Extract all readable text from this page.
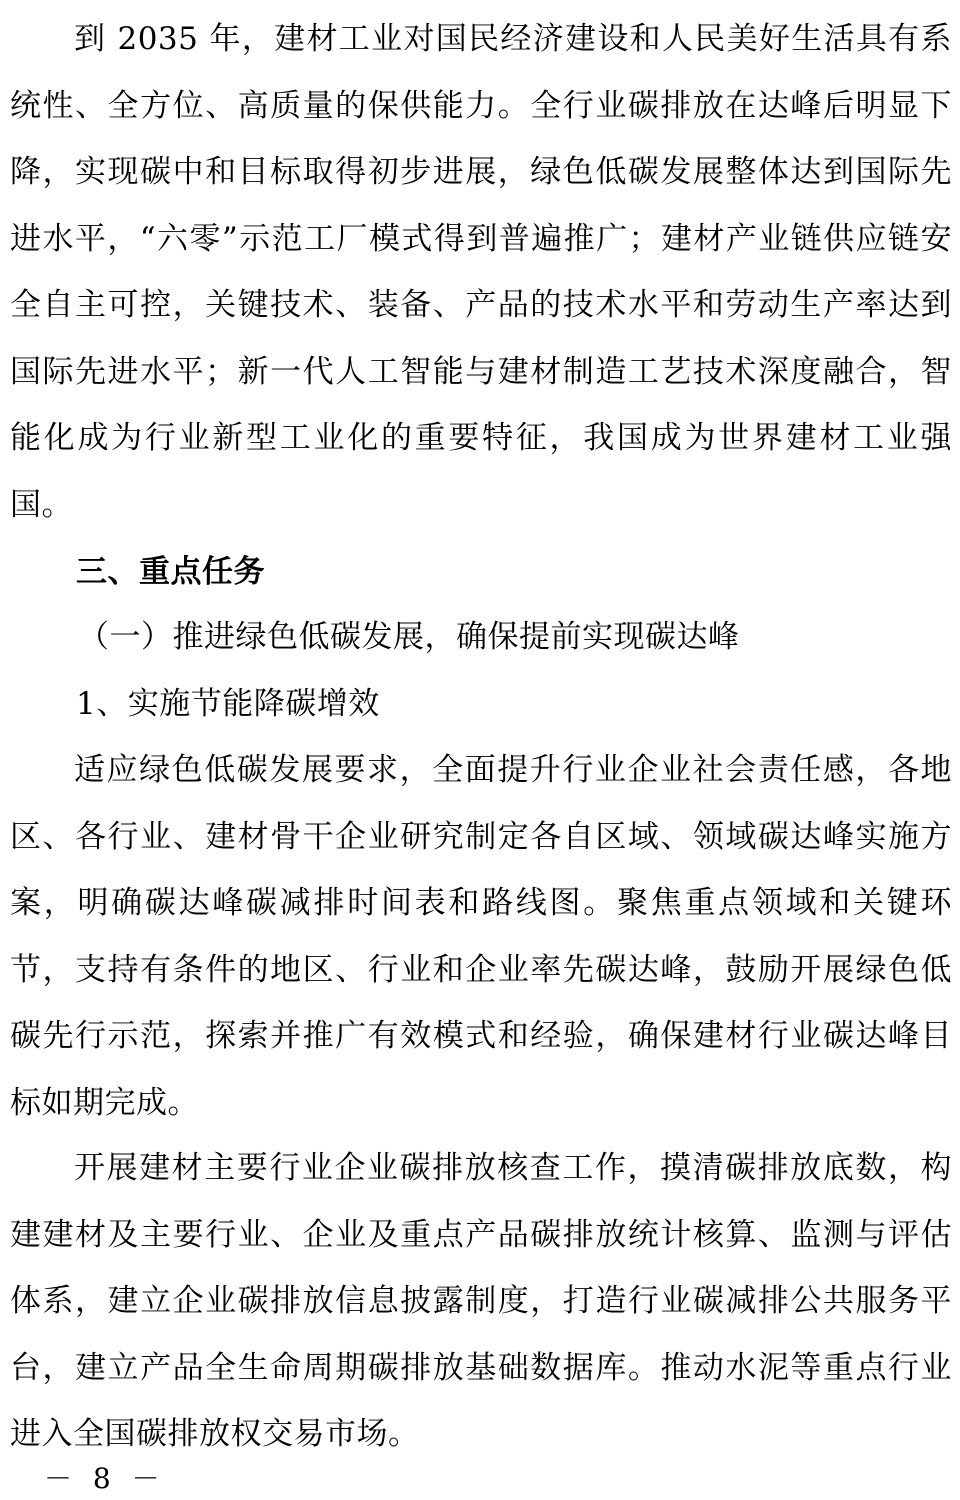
到 2035 年，建材工业对国民经济建设和人民美好生活具有系统性、全方位、高质量的保供能力。全行业碳排放在达峰后明显下降，实现碳中和目标取得初步进展，绿色低碳发展整体达到国际先进水平，“六零”示范工厂模式得到普遍推广；建材产业链供应链安全自主可控，关键技术、装备、产品的技术水平和劳动生产率达到国际先进水平；新一代人工智能与建材制造工艺技术深度融合，智能化成为行业新型工业化的重要特征，我国成为世界建材工业强国。

三、重点任务

（一）推进绿色低碳发展，确保提前实现碳达峰

1、实施节能降碳增效

适应绿色低碳发展要求，全面提升行业企业社会责任感，各地区、各行业、建材骨干企业研究制定各自区域、领域碳达峰实施方案，明确碳达峰碳减排时间表和路线图。聚焦重点领域和关键环节，支持有条件的地区、行业和企业率先碳达峰，鼓励开展绿色低碳先行示范，探索并推广有效模式和经验，确保建材行业碳达峰目标如期完成。

开展建材主要行业企业碳排放核查工作，摸清碳排放底数，构建建材及主要行业、企业及重点产品碳排放统计核算、监测与评估体系，建立企业碳排放信息披露制度，打造行业碳减排公共服务平台，建立产品全生命周期碳排放基础数据库。推动水泥等重点行业进入全国碳排放权交易市场。

－ 8 －
